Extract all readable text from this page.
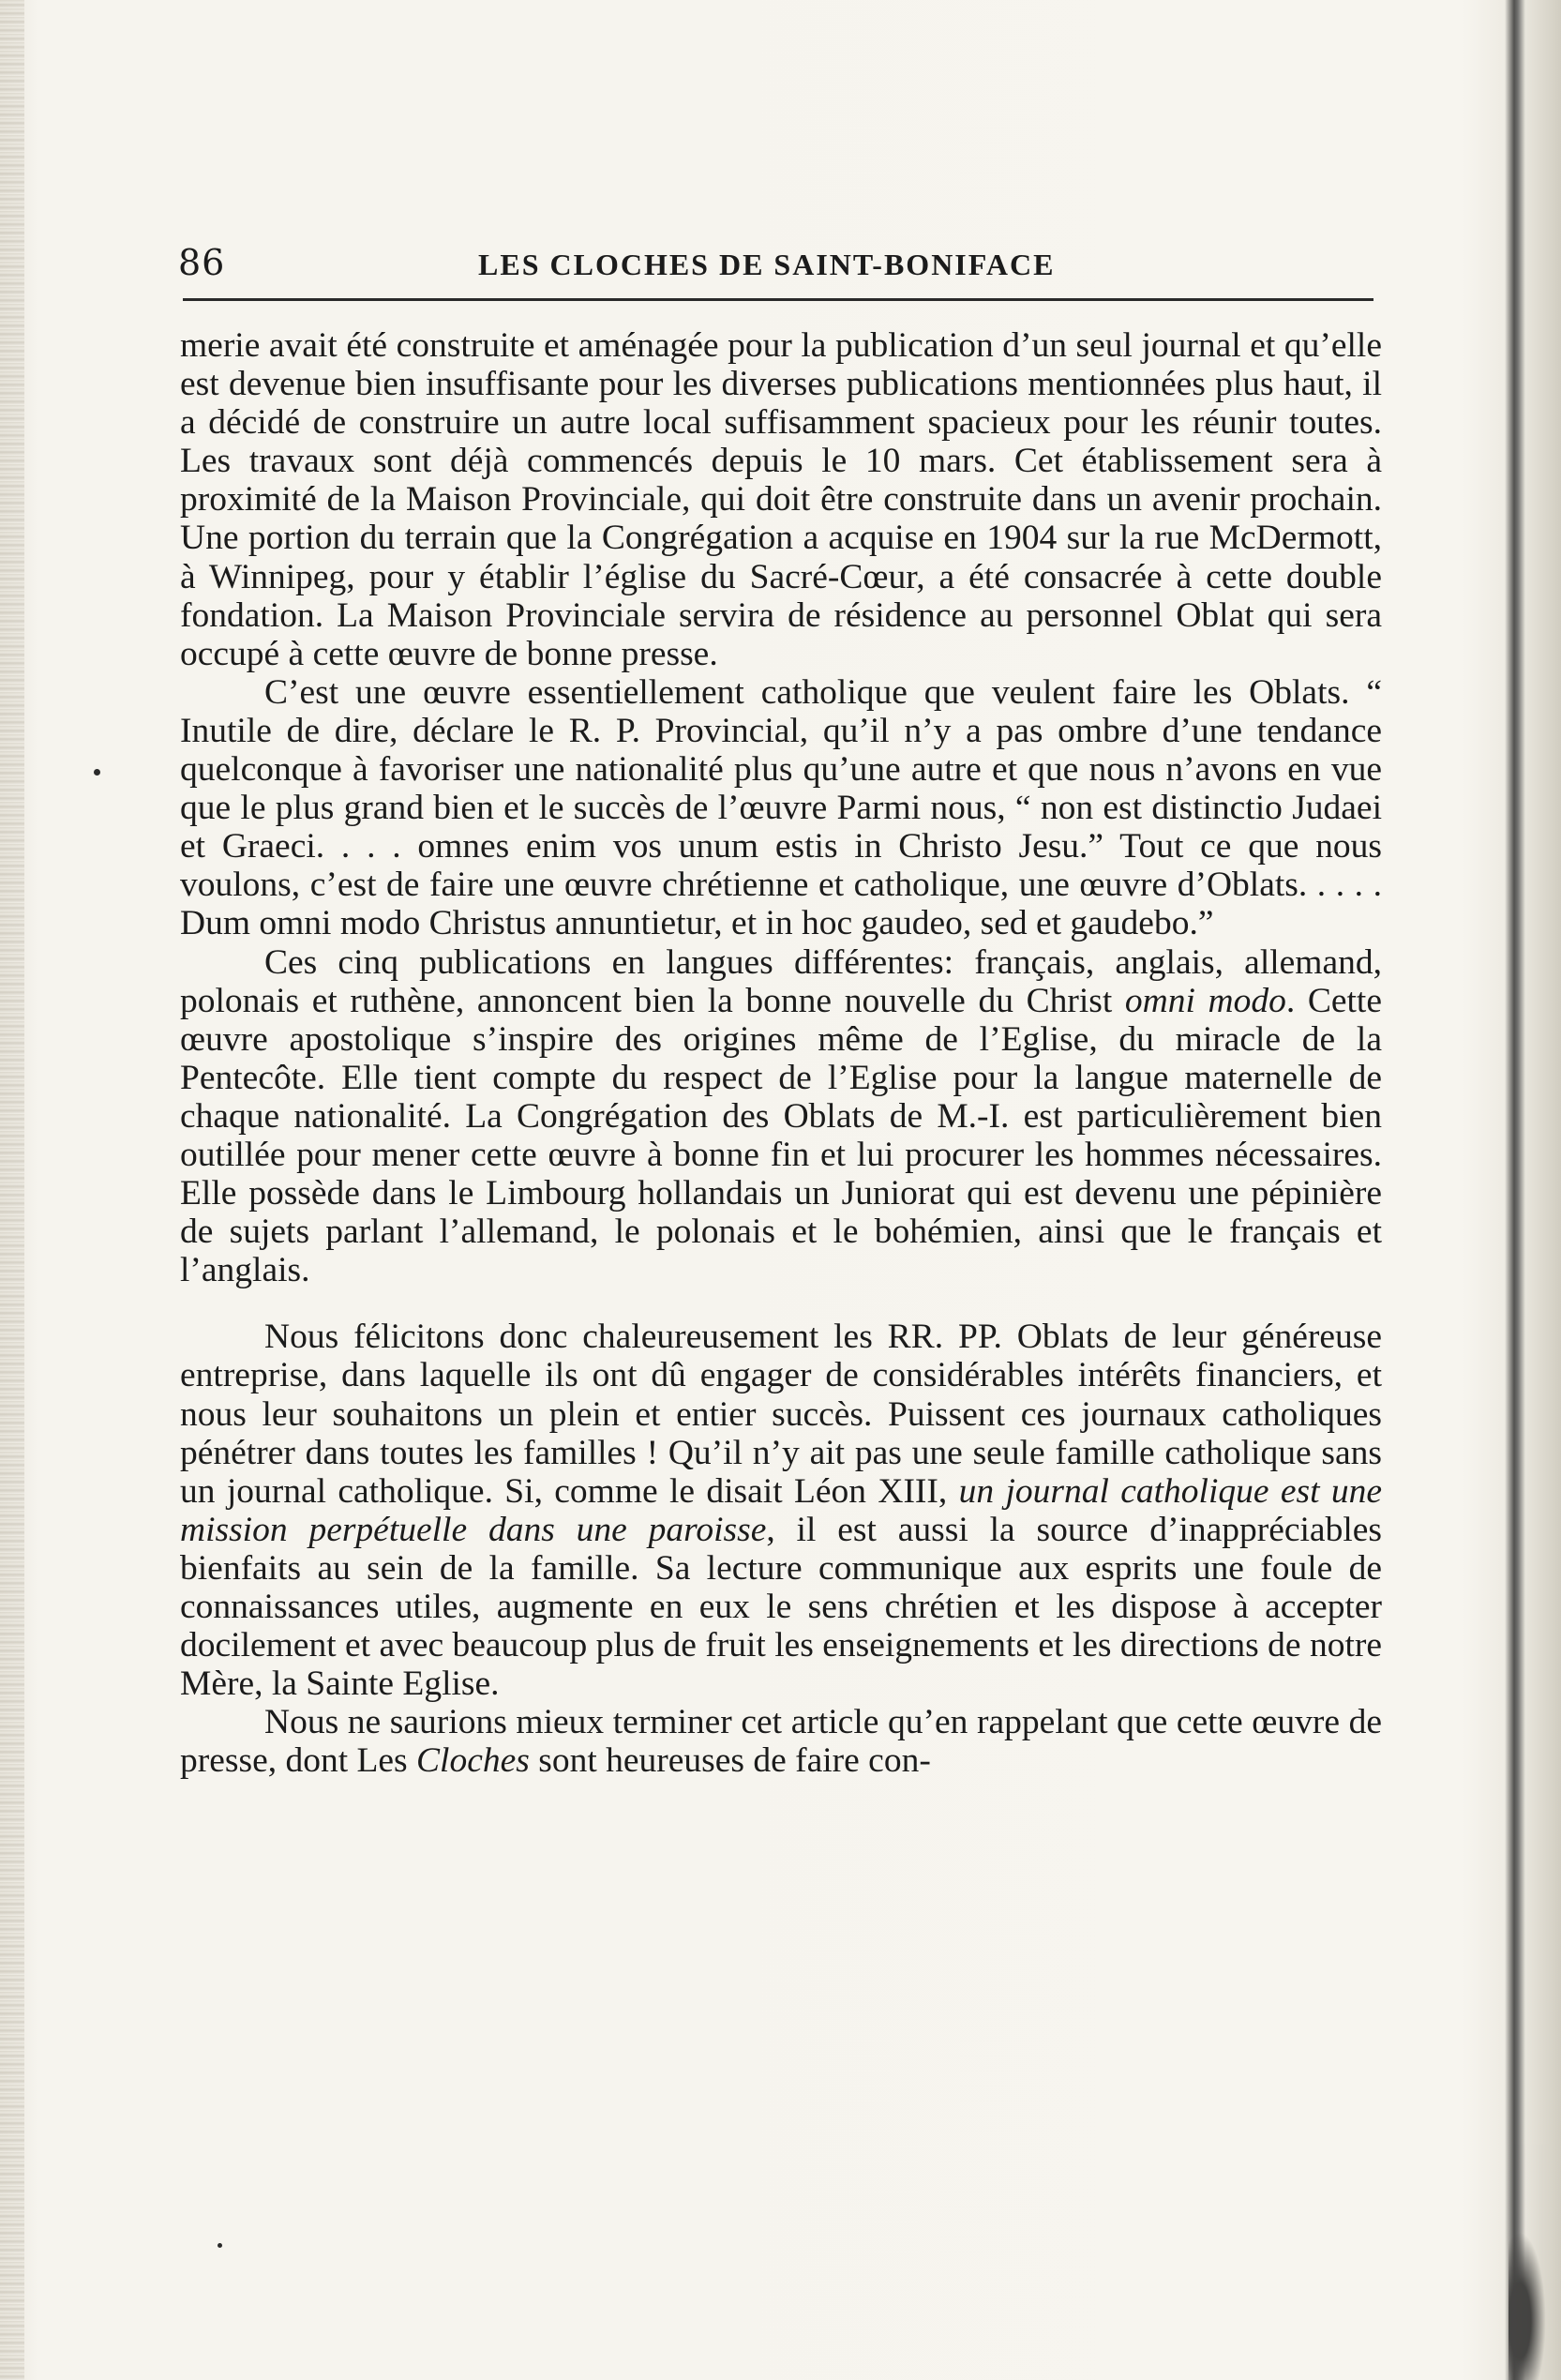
86	LES CLOCHES DE SAINT-BONIFACE

merie avait été construite et aménagée pour la publication d’un seul journal et qu’elle est devenue bien insuffisante pour les diverses publications mentionnées plus haut, il a décidé de construire un autre local suffisamment spacieux pour les réunir toutes. Les travaux sont déjà commencés depuis le 10 mars. Cet établissement sera à proximité de la Maison Provinciale, qui doit être construite dans un avenir prochain. Une portion du terrain que la Congrégation a acquise en 1904 sur la rue McDermott, à Winnipeg, pour y établir l’église du Sacré-Cœur, a été consacrée à cette double fondation. La Maison Provinciale servira de résidence au personnel Oblat qui sera occupé à cette œuvre de bonne presse.

C’est une œuvre essentiellement catholique que veulent faire les Oblats. “ Inutile de dire, déclare le R. P. Provincial, qu’il n’y a pas ombre d’une tendance quelconque à favoriser une nationalité plus qu’une autre et que nous n’avons en vue que le plus grand bien et le succès de l’œuvre Parmi nous, “ non est distinctio Judaei et Graeci. . . . omnes enim vos unum estis in Christo Jesu.” Tout ce que nous voulons, c’est de faire une œuvre chrétienne et catholique, une œuvre d’Oblats. . . . . Dum omni modo Christus annuntietur, et in hoc gaudeo, sed et gaudebo.”

Ces cinq publications en langues différentes: français, anglais, allemand, polonais et ruthène, annoncent bien la bonne nouvelle du Christ omni modo. Cette œuvre apostolique s’inspire des origines même de l’Eglise, du miracle de la Pentecôte. Elle tient compte du respect de l’Eglise pour la langue maternelle de chaque nationalité. La Congrégation des Oblats de M.-I. est particulièrement bien outillée pour mener cette œuvre à bonne fin et lui procurer les hommes nécessaires. Elle possède dans le Limbourg hollandais un Juniorat qui est devenu une pépinière de sujets parlant l’allemand, le polonais et le bohémien, ainsi que le français et l’anglais.

Nous félicitons donc chaleureusement les RR. PP. Oblats de leur généreuse entreprise, dans laquelle ils ont dû engager de considérables intérêts financiers, et nous leur souhaitons un plein et entier succès. Puissent ces journaux catholiques pénétrer dans toutes les familles ! Qu’il n’y ait pas une seule famille catholique sans un journal catholique. Si, comme le disait Léon XIII, un journal catholique est une mission perpétuelle dans une paroisse, il est aussi la source d’inappréciables bienfaits au sein de la famille. Sa lecture communique aux esprits une foule de connaissances utiles, augmente en eux le sens chrétien et les dispose à accepter docilement et avec beaucoup plus de fruit les enseignements et les directions de notre Mère, la Sainte Eglise.

Nous ne saurions mieux terminer cet article qu’en rappelant que cette œuvre de presse, dont Les Cloches sont heureuses de faire con-
